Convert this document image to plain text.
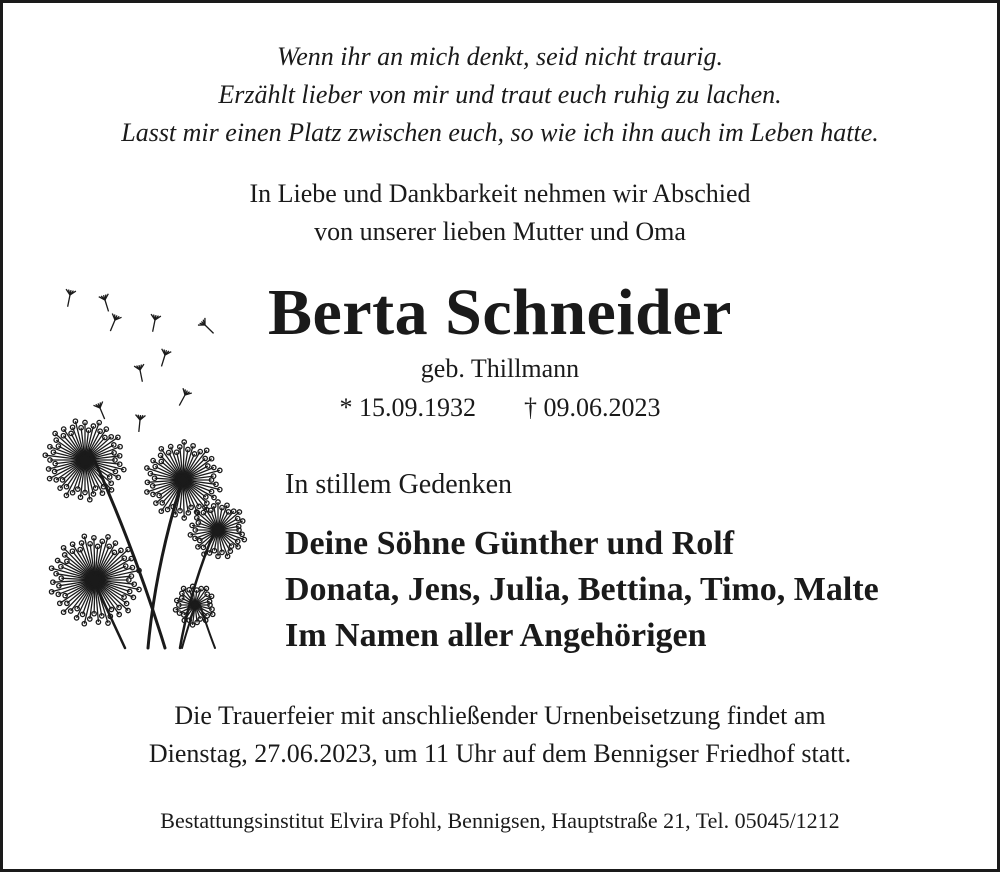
Wenn ihr an mich denkt, seid nicht traurig.
Erzählt lieber von mir und traut euch ruhig zu lachen.
Lasst mir einen Platz zwischen euch, so wie ich ihn auch im Leben hatte.
In Liebe und Dankbarkeit nehmen wir Abschied
von unserer lieben Mutter und Oma
Berta Schneider
geb. Thillmann
* 15.09.1932 † 09.06.2023
In stillem Gedenken
Deine Söhne Günther und Rolf
Donata, Jens, Julia, Bettina, Timo, Malte
Im Namen aller Angehörigen
Die Trauerfeier mit anschließender Urnenbeisetzung findet am
Dienstag, 27.06.2023, um 11 Uhr auf dem Bennigser Friedhof statt.
Bestattungsinstitut Elvira Pfohl, Bennigsen, Hauptstraße 21, Tel. 05045/1212
